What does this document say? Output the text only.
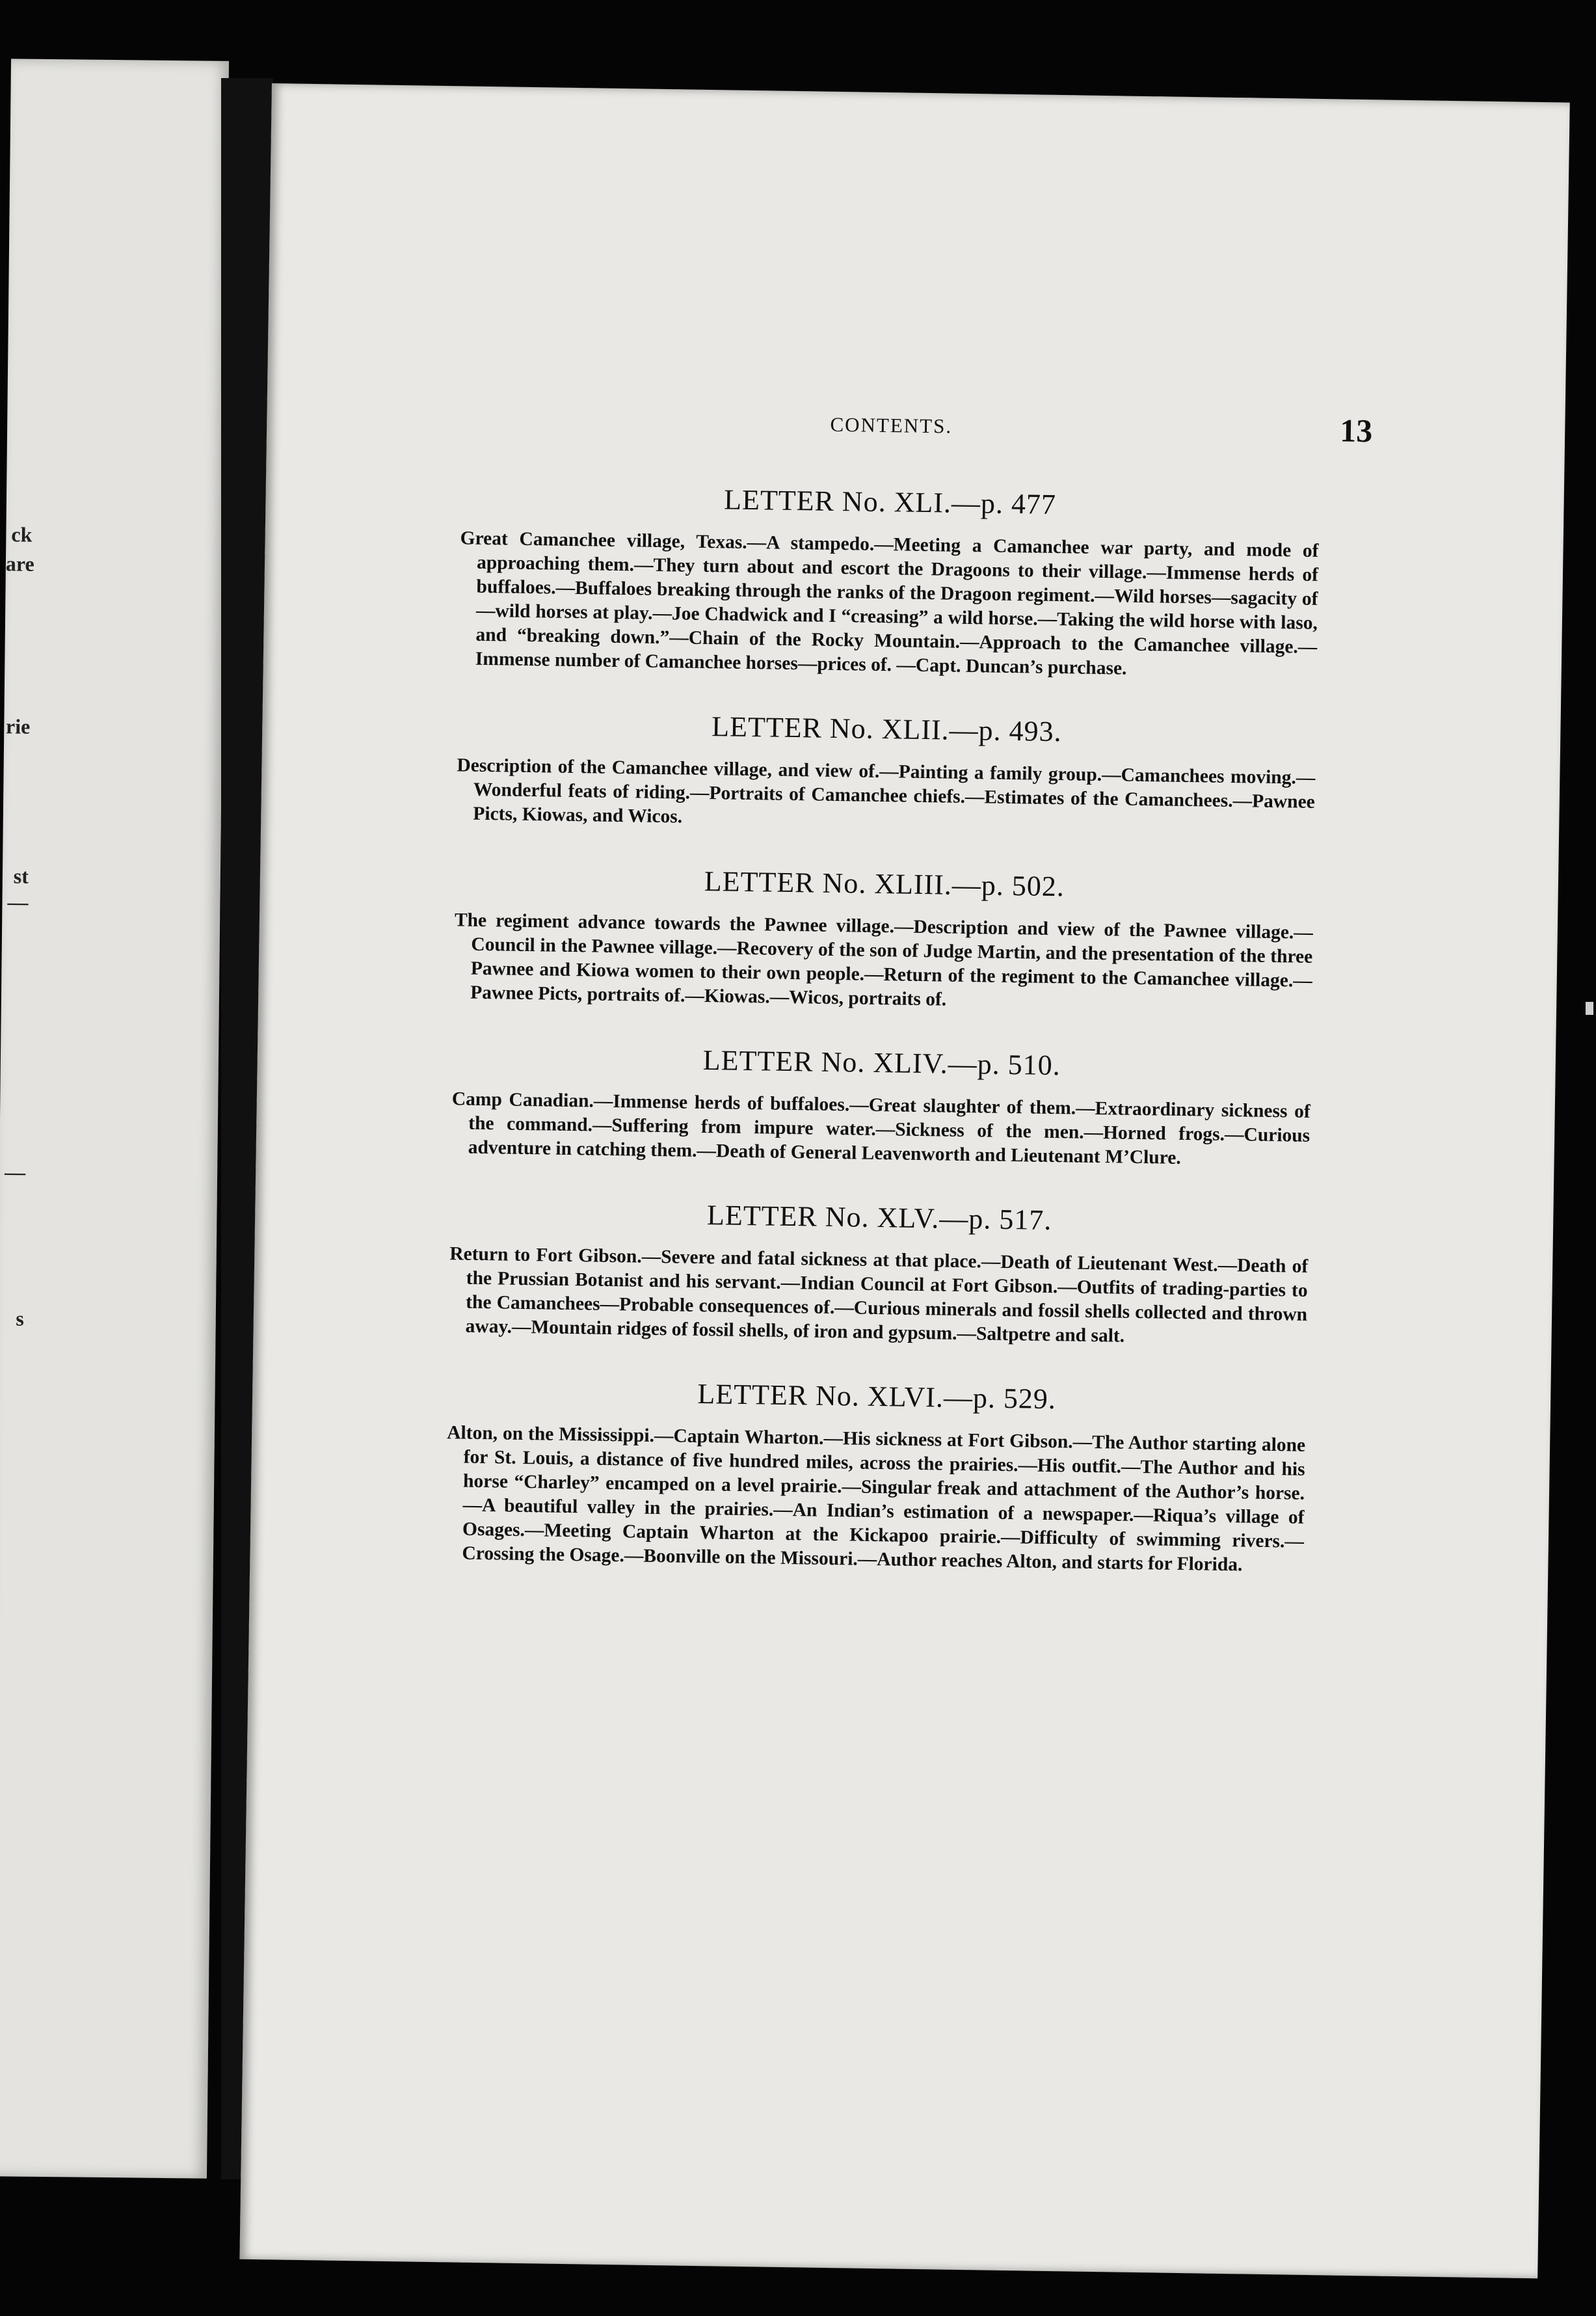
ck
are
rie
st
—
—
s
CONTENTS.	13
LETTER No. XLI.—p. 477

Great Camanchee village, Texas.—A stampedo.—Meeting a Camanchee war party, and mode of approaching them.—They turn about and escort the Dragoons to their village.—Immense herds of buffaloes.—Buffaloes breaking through the ranks of the Dragoon regiment.—Wild horses—sagacity of—wild horses at play.—Joe Chadwick and I “creasing” a wild horse.—Taking the wild horse with laso, and “breaking down.”—Chain of the Rocky Mountain.—Approach to the Camanchee village.—Immense number of Camanchee horses—prices of. —Capt. Duncan’s purchase.

LETTER No. XLII.—p. 493.

Description of the Camanchee village, and view of.—Painting a family group.—Camanchees moving.—Wonderful feats of riding.—Portraits of Camanchee chiefs.—Estimates of the Camanchees.—Pawnee Picts, Kiowas, and Wicos.

LETTER No. XLIII.—p. 502.

The regiment advance towards the Pawnee village.—Description and view of the Pawnee village.—Council in the Pawnee village.—Recovery of the son of Judge Martin, and the presentation of the three Pawnee and Kiowa women to their own people.—Return of the regiment to the Camanchee village.—Pawnee Picts, portraits of.—Kiowas.—Wicos, portraits of.

LETTER No. XLIV.—p. 510.

Camp Canadian.—Immense herds of buffaloes.—Great slaughter of them.—Extraordinary sickness of the command.—Suffering from impure water.—Sickness of the men.—Horned frogs.—Curious adventure in catching them.—Death of General Leavenworth and Lieutenant M’Clure.

LETTER No. XLV.—p. 517.

Return to Fort Gibson.—Severe and fatal sickness at that place.—Death of Lieutenant West.—Death of the Prussian Botanist and his servant.—Indian Council at Fort Gibson.—Outfits of trading-parties to the Camanchees—Probable consequences of.—Curious minerals and fossil shells collected and thrown away.—Mountain ridges of fossil shells, of iron and gypsum.—Saltpetre and salt.

LETTER No. XLVI.—p. 529.

Alton, on the Mississippi.—Captain Wharton.—His sickness at Fort Gibson.—The Author starting alone for St. Louis, a distance of five hundred miles, across the prairies.—His outfit.—The Author and his horse “Charley” encamped on a level prairie.—Singular freak and attachment of the Author’s horse.—A beautiful valley in the prairies.—An Indian’s estimation of a newspaper.—Riqua’s village of Osages.—Meeting Captain Wharton at the Kickapoo prairie.—Difficulty of swimming rivers.—Crossing the Osage.—Boonville on the Missouri.—Author reaches Alton, and starts for Florida.
